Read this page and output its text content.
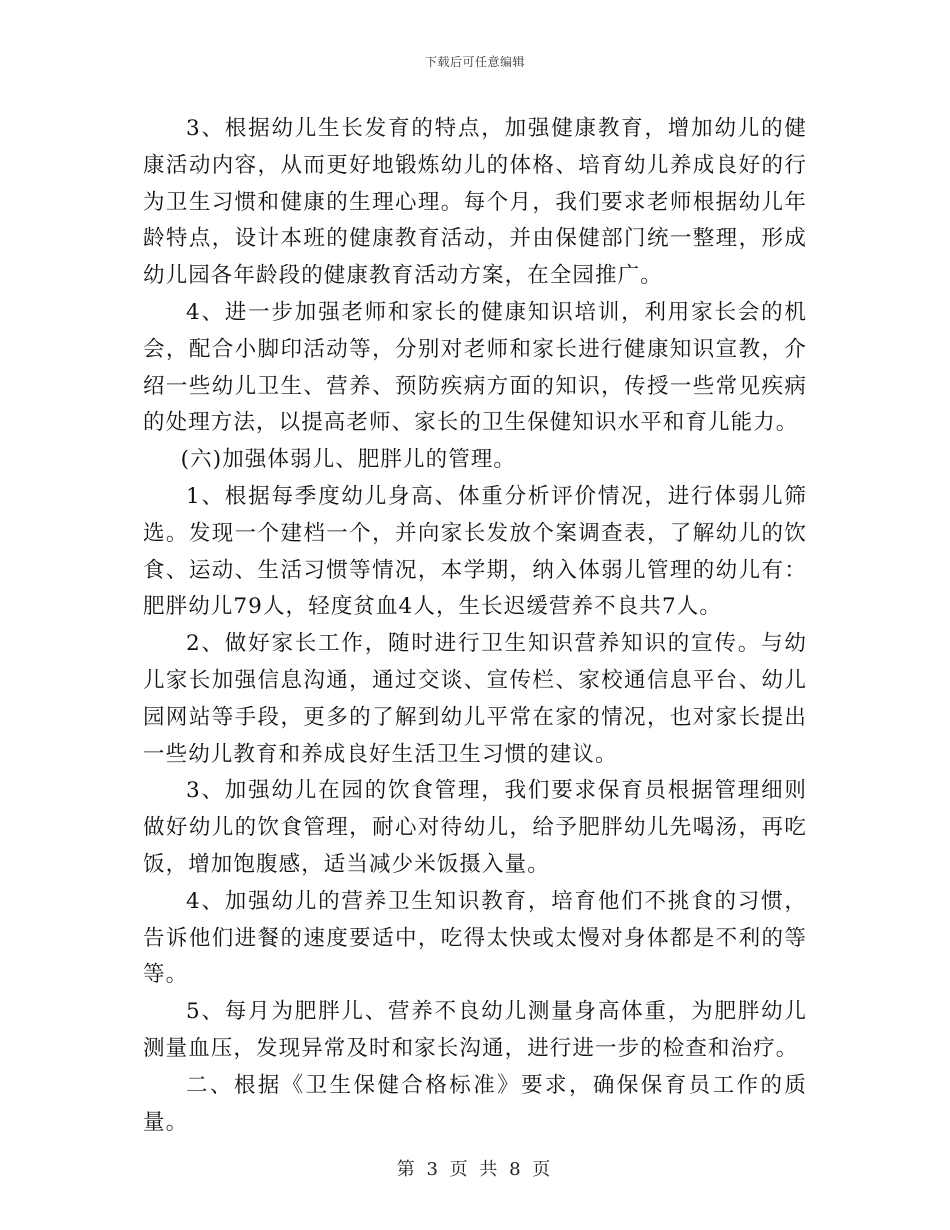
下载后可任意编辑

3、根据幼儿生长发育的特点，加强健康教育，增加幼儿的健康活动内容，从而更好地锻炼幼儿的体格、培育幼儿养成良好的行为卫生习惯和健康的生理心理。每个月，我们要求老师根据幼儿年龄特点，设计本班的健康教育活动，并由保健部门统一整理，形成幼儿园各年龄段的健康教育活动方案，在全园推广。

4、进一步加强老师和家长的健康知识培训，利用家长会的机会，配合小脚印活动等，分别对老师和家长进行健康知识宣教，介绍一些幼儿卫生、营养、预防疾病方面的知识，传授一些常见疾病的处理方法，以提高老师、家长的卫生保健知识水平和育儿能力。

(六)加强体弱儿、肥胖儿的管理。

1、根据每季度幼儿身高、体重分析评价情况，进行体弱儿筛选。发现一个建档一个，并向家长发放个案调查表，了解幼儿的饮食、运动、生活习惯等情况，本学期，纳入体弱儿管理的幼儿有：肥胖幼儿79人，轻度贫血4人，生长迟缓营养不良共7人。

2、做好家长工作，随时进行卫生知识营养知识的宣传。与幼儿家长加强信息沟通，通过交谈、宣传栏、家校通信息平台、幼儿园网站等手段，更多的了解到幼儿平常在家的情况，也对家长提出一些幼儿教育和养成良好生活卫生习惯的建议。

3、加强幼儿在园的饮食管理，我们要求保育员根据管理细则做好幼儿的饮食管理，耐心对待幼儿，给予肥胖幼儿先喝汤，再吃饭，增加饱腹感，适当减少米饭摄入量。

4、加强幼儿的营养卫生知识教育，培育他们不挑食的习惯，告诉他们进餐的速度要适中，吃得太快或太慢对身体都是不利的等等。

5、每月为肥胖儿、营养不良幼儿测量身高体重，为肥胖幼儿测量血压，发现异常及时和家长沟通，进行进一步的检查和治疗。

二、根据《卫生保健合格标准》要求，确保保育员工作的质量。

第 3 页 共 8 页
